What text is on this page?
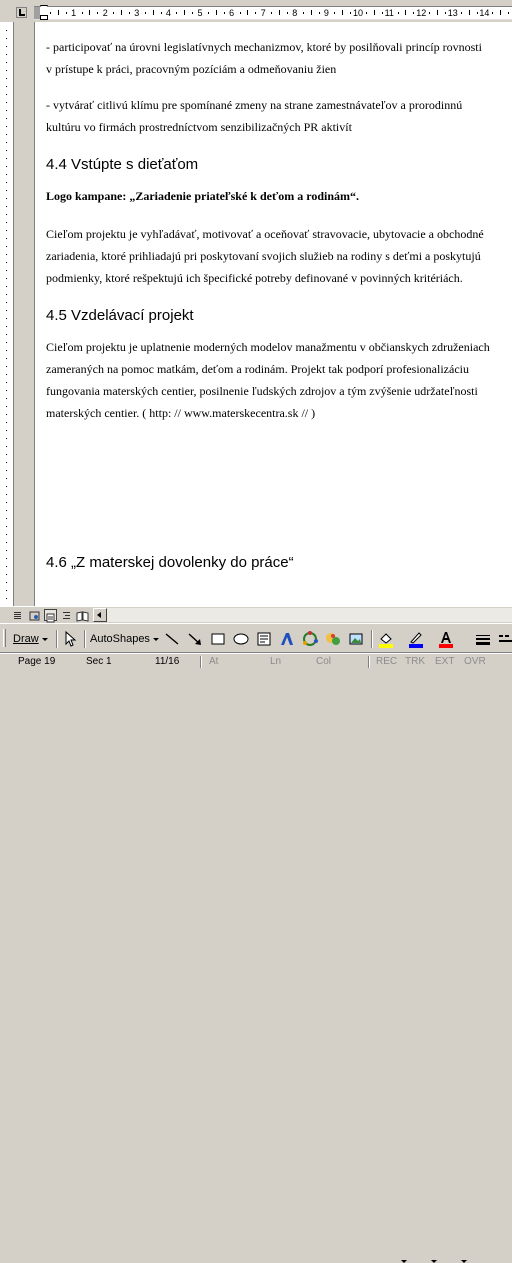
1	2	3	4	5	6	7	8	9	10 11 12 13 14
- participovať na úrovni legislatívnych mechanizmov, ktoré by posilňovali princíp rovnosti
v prístupe k práci, pracovným pozíciám a odmeňovaniu žien
- vytvárať citlivú klímu pre spomínané zmeny na strane zamestnávateľov a prorodinnú
kultúru vo firmách prostredníctvom senzibilizačných PR aktivít
4.4 Vstúpte s dieťaťom
Logo kampane: „Zariadenie priateľské k deťom a rodinám“.
Cieľom projektu je vyhľadávať, motivovať a oceňovať stravovacie, ubytovacie a obchodné
zariadenia, ktoré prihliadajú pri poskytovaní svojich služieb na rodiny s deťmi a poskytujú
podmienky, ktoré rešpektujú ich špecifické potreby definované v povinných kritériách.
4.5 Vzdelávací projekt
Cieľom projektu je uplatnenie moderných modelov manažmentu v občianskych združeniach
zameraných na pomoc matkám, deťom a rodinám. Projekt tak podporí profesionalizáciu
fungovania materských centier, posilnenie ľudských zdrojov a tým zvýšenie udržateľnosti
materských centier. ( http: // www.materskecentra.sk // )
4.6 „Z materskej dovolenky do práce“
Draw	AutoShapes
Page 19	Sec 1	11/16	At	Ln	Col	REC TRK EXT OVR
